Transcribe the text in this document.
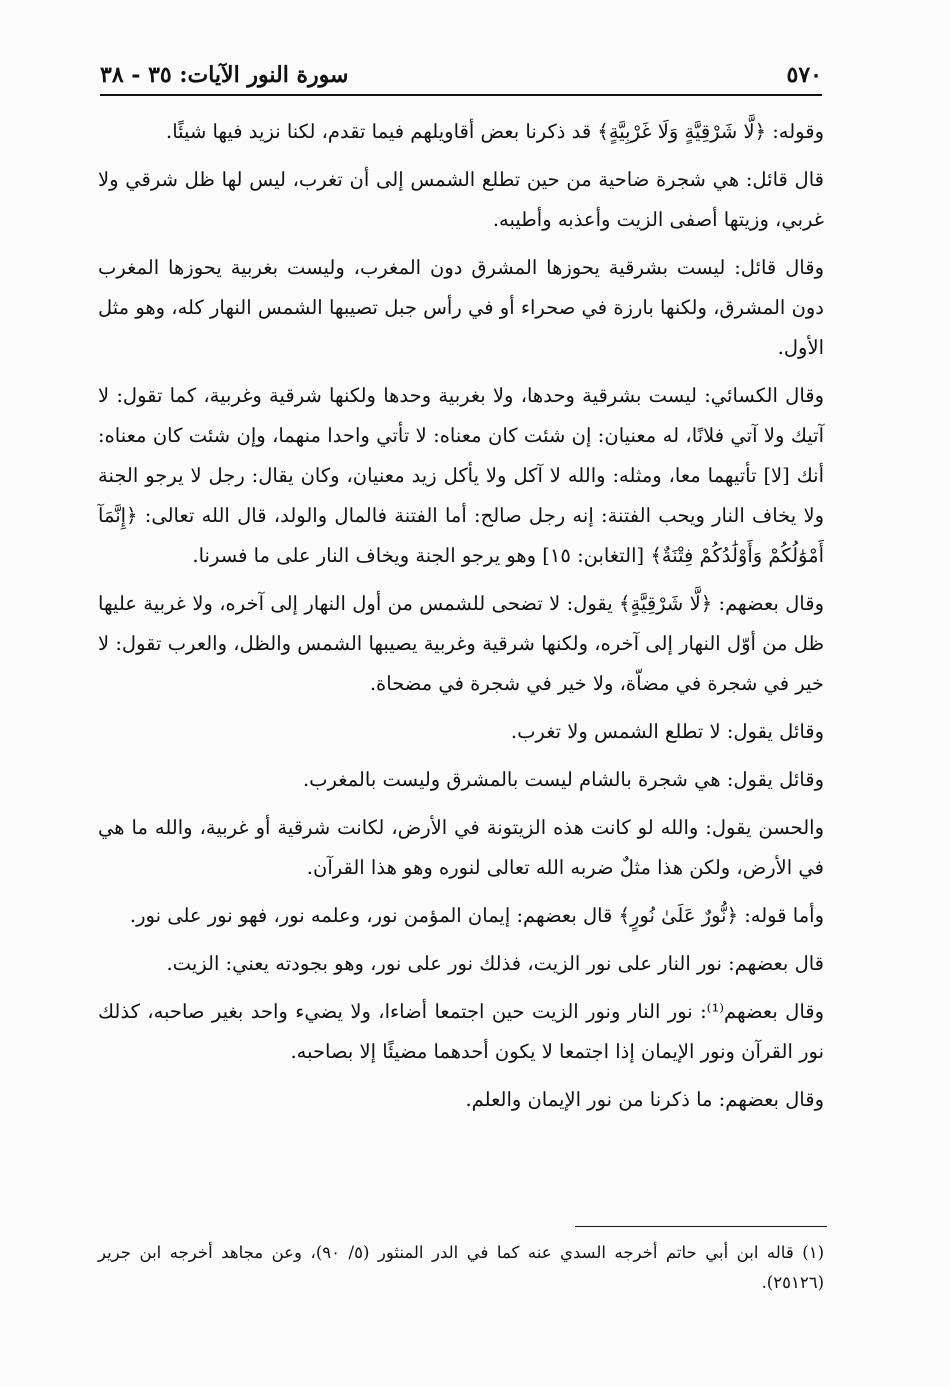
٥٧٠
سورة النور الآيات: ٣٥ - ٣٨

وقوله: ﴿لَّا شَرْقِيَّةٍ وَلَا غَرْبِيَّةٍ﴾ قد ذكرنا بعض أقاويلهم فيما تقدم، لكنا نزيد فيها شيئًا.

قال قائل: هي شجرة ضاحية من حين تطلع الشمس إلى أن تغرب، ليس لها ظل شرقي ولا غربي، وزيتها أصفى الزيت وأعذبه وأطيبه.

وقال قائل: ليست بشرقية يحوزها المشرق دون المغرب، وليست بغربية يحوزها المغرب دون المشرق، ولكنها بارزة في صحراء أو في رأس جبل تصيبها الشمس النهار كله، وهو مثل الأول.

وقال الكسائي: ليست بشرقية وحدها، ولا بغربية وحدها ولكنها شرقية وغربية، كما تقول: لا آتيك ولا آتي فلانًا، له معنيان: إن شئت كان معناه: لا تأتي واحدا منهما، وإن شئت كان معناه: أنك [لا] تأتيهما معا، ومثله: والله لا آكل ولا يأكل زيد معنيان، وكان يقال: رجل لا يرجو الجنة ولا يخاف النار ويحب الفتنة: إنه رجل صالح: أما الفتنة فالمال والولد، قال الله تعالى: ﴿إِنَّمَآ أَمْوَٰلُكُمْ وَأَوْلَٰدُكُمْ فِتْنَةٌ﴾ [التغابن: ١٥] وهو يرجو الجنة ويخاف النار على ما فسرنا.

وقال بعضهم: ﴿لَّا شَرْقِيَّةٍ﴾ يقول: لا تضحى للشمس من أول النهار إلى آخره، ولا غربية عليها ظل من أوّل النهار إلى آخره، ولكنها شرقية وغربية يصيبها الشمس والظل، والعرب تقول: لا خير في شجرة في مضاّة، ولا خير في شجرة في مضحاة.

وقائل يقول: لا تطلع الشمس ولا تغرب.

وقائل يقول: هي شجرة بالشام ليست بالمشرق وليست بالمغرب.

والحسن يقول: والله لو كانت هذه الزيتونة في الأرض، لكانت شرقية أو غربية، والله ما هي في الأرض، ولكن هذا مثلٌ ضربه الله تعالى لنوره وهو هذا القرآن.

وأما قوله: ﴿نُّورٌ عَلَىٰ نُورٍ﴾ قال بعضهم: إيمان المؤمن نور، وعلمه نور، فهو نور على نور.

قال بعضهم: نور النار على نور الزيت، فذلك نور على نور، وهو بجودته يعني: الزيت.

وقال بعضهم⁽¹⁾: نور النار ونور الزيت حين اجتمعا أضاءا، ولا يضيء واحد بغير صاحبه، كذلك نور القرآن ونور الإيمان إذا اجتمعا لا يكون أحدهما مضيئًا إلا بصاحبه.

وقال بعضهم: ما ذكرنا من نور الإيمان والعلم.

(١) قاله ابن أبي حاتم أخرجه السدي عنه كما في الدر المنثور (٥/ ٩٠)، وعن مجاهد أخرجه ابن جرير (٢٥١٢٦).
